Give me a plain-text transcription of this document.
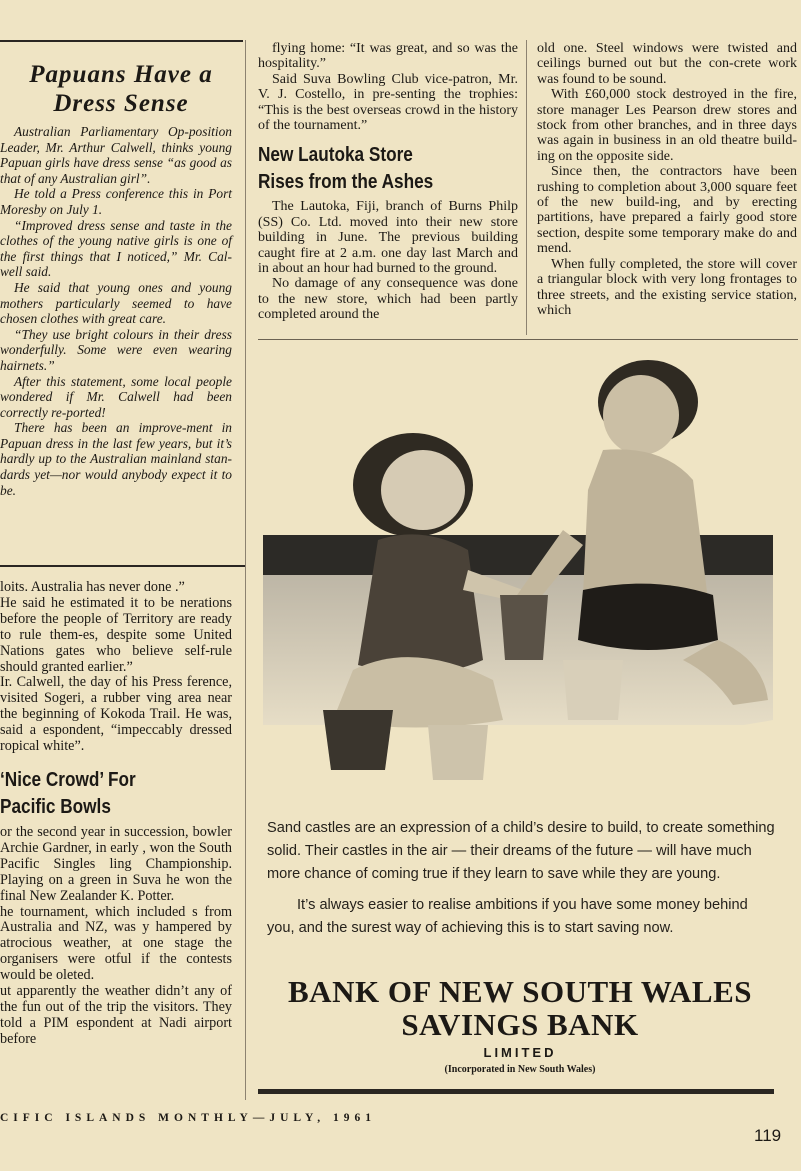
Papuans Have a Dress Sense

Australian Parliamentary Op-position Leader, Mr. Arthur Calwell, thinks young Papuan girls have dress sense “as good as that of any Australian girl”.

He told a Press conference this in Port Moresby on July 1.

“Improved dress sense and taste in the clothes of the young native girls is one of the first things that I noticed,” Mr. Cal-well said.

He said that young ones and young mothers particularly seemed to have chosen clothes with great care.

“They use bright colours in their dress wonderfully. Some were even wearing hairnets.”

After this statement, some local people wondered if Mr. Calwell had been correctly re-ported!

There has been an improve-ment in Papuan dress in the last few years, but it’s hardly up to the Australian mainland stan-dards yet—nor would anybody expect it to be.

loits. Australia has never done .”

He said he estimated it to be nerations before the people of Territory are ready to rule them-es, despite some United Nations gates who believe self-rule should granted earlier.”

Ir. Calwell, the day of his Press ference, visited Sogeri, a rubber ving area near the beginning of Kokoda Trail. He was, said a espondent, “impeccably dressed ropical white”.

‘Nice Crowd’ For
Pacific Bowls

or the second year in succession, bowler Archie Gardner, in early , won the South Pacific Singles ling Championship. Playing on a green in Suva he won the final New Zealander K. Potter.

he tournament, which included s from Australia and NZ, was y hampered by atrocious weather, at one stage the organisers were otful if the contests would be oleted.

ut apparently the weather didn’t any of the fun out of the trip the visitors. They told a PIM espondent at Nadi airport before

flying home: “It was great, and so was the hospitality.”

Said Suva Bowling Club vice-patron, Mr. V. J. Costello, in pre-senting the trophies: “This is the best overseas crowd in the history of the tournament.”

New Lautoka Store
Rises from the Ashes

The Lautoka, Fiji, branch of Burns Philp (SS) Co. Ltd. moved into their new store building in June. The previous building caught fire at 2 a.m. one day last March and in about an hour had burned to the ground.

No damage of any consequence was done to the new store, which had been partly completed around the

old one. Steel windows were twisted and ceilings burned out but the con-crete work was found to be sound.

With £60,000 stock destroyed in the fire, store manager Les Pearson drew stores and stock from other branches, and in three days was again in business in an old theatre build-ing on the opposite side.

Since then, the contractors have been rushing to completion about 3,000 square feet of the new build-ing, and by erecting partitions, have prepared a fairly good store section, despite some temporary make do and mend.

When fully completed, the store will cover a triangular block with very long frontages to three streets, and the existing service station, which

Sand castles are an expression of a child’s desire to build, to create something solid. Their castles in the air — their dreams of the future — will have much more chance of coming true if they learn to save while they are young.

It’s always easier to realise ambitions if you have some money behind you, and the surest way of achieving this is to start saving now.

BANK OF NEW SOUTH WALES
SAVINGS BANK
LIMITED
(Incorporated in New South Wales)
CIFIC ISLANDS MONTHLY—JULY, 1961
119
